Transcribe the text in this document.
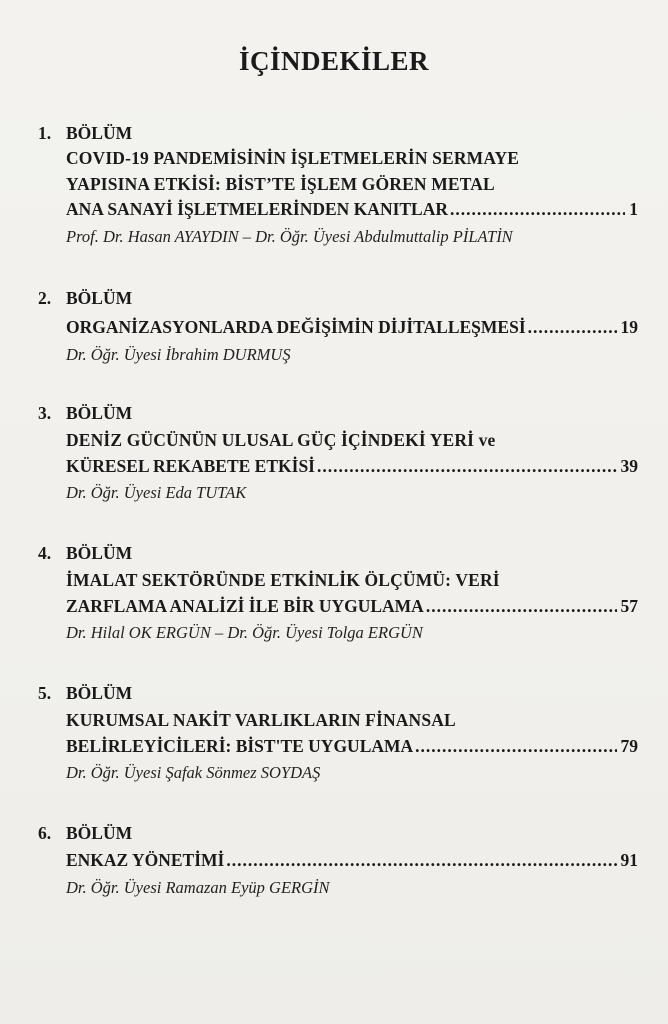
İÇİNDEKİLER
1. BÖLÜM
COVID-19 PANDEMİSİNİN İŞLETMELERİN SERMAYE
YAPISINA ETKİSİ: BİST’TE İŞLEM GÖREN METAL
ANA SANAYİ İŞLETMELERİNDEN KANITLAR .....	1
Prof. Dr. Hasan AYAYDIN – Dr. Öğr. Üyesi Abdulmuttalip PİLATİN
2. BÖLÜM
ORGANİZASYONLARDA DEĞİŞİMİN DİJİTALLEŞMESİ .....	19
Dr. Öğr. Üyesi İbrahim DURMUŞ
3. BÖLÜM
DENİZ GÜCÜNÜN ULUSAL GÜÇ İÇİNDEKİ YERİ ve
KÜRESEL REKABETE ETKİSİ .....	39
Dr. Öğr. Üyesi Eda TUTAK
4. BÖLÜM
İMALAT SEKTÖRÜNDE ETKİNLİK ÖLÇÜMÜ: VERİ
ZARFLAMA ANALİZİ İLE BİR UYGULAMA .....	57
Dr. Hilal OK ERGÜN – Dr. Öğr. Üyesi Tolga ERGÜN
5. BÖLÜM
KURUMSAL NAKİT VARLIKLARIN FİNANSAL
BELİRLEYİCİLERİ: BİST'TE UYGULAMA .....	79
Dr. Öğr. Üyesi Şafak Sönmez SOYDAŞ
6. BÖLÜM
ENKAZ YÖNETİMİ .....	91
Dr. Öğr. Üyesi Ramazan Eyüp GERGİN
